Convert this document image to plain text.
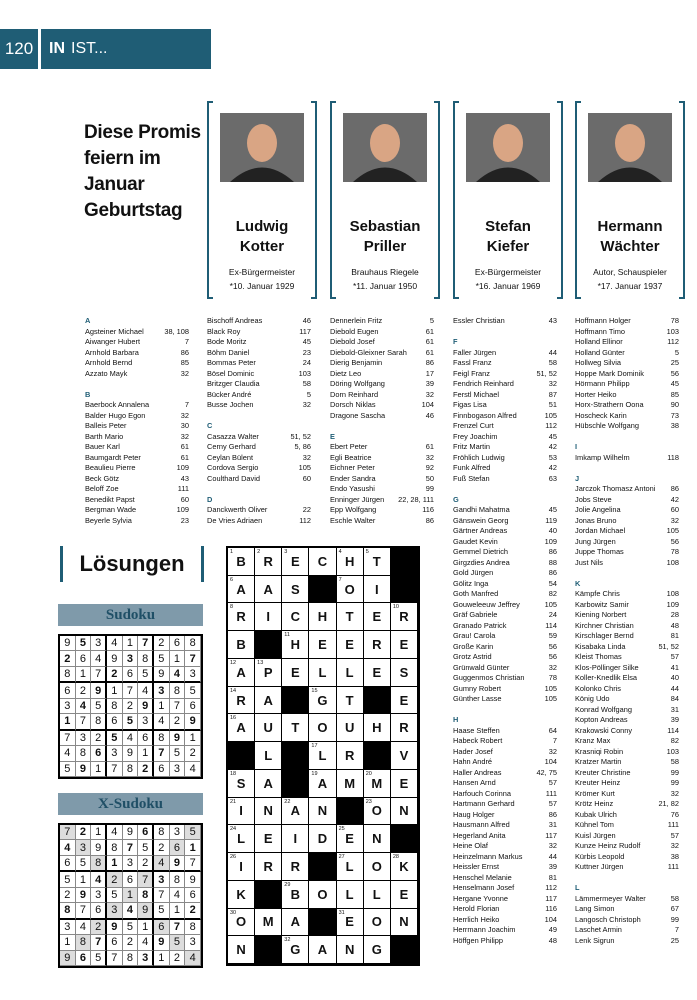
120 IN IST...
Diese Promis feiern im Januar Geburtstag
Ludwig
Kotter
Ex-Bürgermeister
*10. Januar 1929
Sebastian
Priller
Brauhaus Riegele
*11. Januar 1950
Stefan
Kiefer
Ex-Bürgermeister
*16. Januar 1969
Hermann
Wächter
Autor, Schauspieler
*17. Januar 1937
A
Agsteiner Michael	38, 108
Aiwanger Hubert	7
Arnhold Barbara	86
Arnhold Bernd	85
Azzato Mayk	32
B
Baerbock Annalena	7
Balder Hugo Egon	32
Balleis Peter	30
Barth Mario	32
Bauer Karl	61
Baumgardt Peter	61
Beaulieu Pierre	109
Beck Götz	43
Beloff Zoe	111
Benedikt Papst	60
Bergman Wade	109
Beyerle Sylvia	23
Bischoff Andreas	46
Black Roy	117
Bode Moritz	45
Böhm Daniel	23
Bommas Peter	24
Bösel Dominic	103
Britzger Claudia	58
Bücker André	5
Busse Jochen	32
C
Casazza Walter	51, 52
Cerny Gerhard	5, 86
Ceylan Bülent	32
Cordova Sergio	105
Coulthard David	60
D
Danckwerth Oliver	22
De Vries Adriaen	112
Dennerlein Fritz	5
Diebold Eugen	61
Diebold Josef	61
Diebold-Gleixner Sarah	61
Dierig Benjamin	86
Dietz Leo	17
Döring Wolfgang	39
Dorn Reinhard	32
Dorsch Niklas	104
Dragone Sascha	46
E
Ebert Peter	61
Egli Beatrice	32
Eichner Peter	92
Ender Sandra	50
Endo Yasushi	99
Enninger Jürgen 22, 28, 111
Epp Wolfgang	116
Eschle Walter	86
Essler Christian	43
F
Faller Jürgen	44
Fassl Franz	58
Feigl Franz	51, 52
Fendrich Reinhard	32
Ferstl Michael	87
Figas Lisa	51
Finnbogason Alfred	105
Frenzel Curt	112
Frey Joachim	45
Fritz Martin	42
Fröhlich Ludwig	53
Funk Alfred	42
Fuß Stefan	63
G
Gandhi Mahatma	45
Gänswein Georg	119
Gärtner Andreas	40
Gaudet Kevin	109
Gemmel Dietrich	86
Girgzdies Andrea	88
Gold Jürgen	86
Gölitz Inga	54
Goth Manfred	82
Gouweleeuw Jeffrey	105
Gräf Gabriele	24
Granado Patrick	114
Grau! Carola	59
Große Karin	56
Grotz Astrid	56
Grünwald Günter	32
Guggenmos Christian	78
Gumny Robert	105
Günther Lasse	105
H
Haase Steffen	64
Habeck Robert	7
Hader Josef	32
Hahn André	104
Haller Andreas	42, 75
Hansen Arnd	57
Harfouch Corinna	111
Hartmann Gerhard	57
Haug Holger	86
Hausmann Alfred	31
Hegerland Anita	117
Heine Olaf	32
Heinzelmann Markus	44
Heissler Ernst	39
Henschel Melanie	81
Henselmann Josef	112
Hergane Yvonne	117
Herold Florian	116
Herrlich Heiko	104
Herrmann Joachim	49
Höffgen Philipp	48
Hoffmann Holger	78
Hoffmann Timo	103
Holland Ellinor	112
Holland Günter	5
Hollweg Silvia	25
Hoppe Mark Dominik	56
Hörmann Philipp	45
Horter Heiko	85
Horx-Strathern Oona	90
Hoscheck Karin	73
Hübschle Wolfgang	38
I
Imkamp Wilhelm	118
J
Jarczok Thomasz Antoni 86
Jobs Steve	42
Jolie Angelina	60
Jonas Bruno	32
Jordan Michael	105
Jung Jürgen	56
Juppe Thomas	78
Just Nils	108
K
Kämpfe Chris	108
Karbowitz Samir	109
Kiening Norbert	28
Kirchner Christian	48
Kirschlager Bernd	81
Kisabaka Linda	51, 52
Kleist Thomas	57
Klos-Pöllinger Silke	41
Koller-Knedlik Elsa	40
Kolonko Chris	44
König Udo	84
Konrad Wolfgang	31
Kopton Andreas	39
Krakowski Conny	114
Kranz Max	82
Krasniqi Robin	103
Kratzer Martin	58
Kreuter Christine	99
Kreuter Heinz	99
Krömer Kurt	32
Krötz Heinz	21, 82
Kubak Ulrich	76
Kühnel Tom	111
Kuisl Jürgen	57
Kunze Heinz Rudolf	32
Kürbis Leopold	38
Kuttner Jürgen	111
L
Lämmermeyer Walter	58
Lang Simon	67
Langosch Christoph	99
Laschet Armin	7
Lenk Sigrun	25
Lösungen
Sudoku
9 5 3 4 1 7 2 6 8
2 6 4 9 3 8 5 1 7
8 1 7 2 6 5 9 4 3
6 2 9 1 7 4 3 8 5
3 4 5 8 2 9 1 7 6
1 7 8 6 5 3 4 2 9
7 3 2 5 4 6 8 9 1
4 8 6 3 9 1 7 5 2
5 9 1 7 8 2 6 3 4
X-Sudoku
7 2 1 4 9 6 8 3 5
4 3 9 8 7 5 2 6 1
6 5 8 1 3 2 4 9 7
5 1 4 2 6 7 3 8 9
2 9 3 5 1 8 7 4 6
8 7 6 3 4 9 5 1 2
3 4 2 9 5 1 6 7 8
1 8 7 6 2 4 9 5 3
9 6 5 7 8 3 1 2 4
1
B
2
R
3
E C
4
H
5
T
6
A A S
7
O I
8
R I C H T E
10
R
B
11
H E E R E
12
A
13
P E L L E S
14
R A
15
G T	E
16
A U T O U H R
L
17
L R	V
18
S A
19
A M
20
M E
21
I N
22
A N
23
O N
24
L E I D
25
E N
26
I R R
27
L O
28
K
K
29
B O L L E
30
O M A
31
E O N
N
32
G A N G
